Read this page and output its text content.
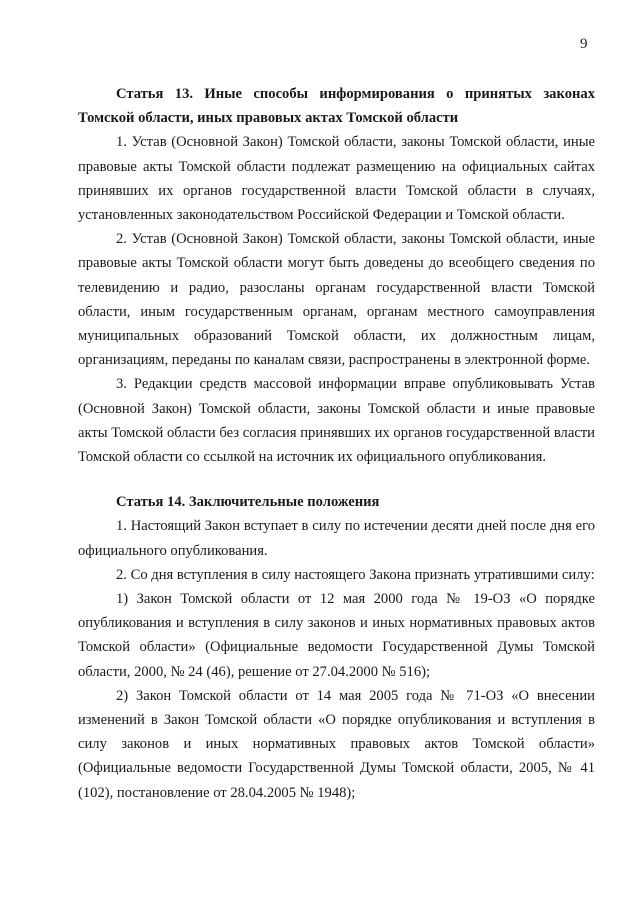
9

Статья 13. Иные способы информирования о принятых законах Томской области, иных правовых актах Томской области

1. Устав (Основной Закон) Томской области, законы Томской области, иные правовые акты Томской области подлежат размещению на официальных сайтах принявших их органов государственной власти Томской области в случаях, установленных законодательством Российской Федерации и Томской области.

2. Устав (Основной Закон) Томской области, законы Томской области, иные правовые акты Томской области могут быть доведены до всеобщего сведения по телевидению и радио, разосланы органам государственной власти Томской области, иным государственным органам, органам местного самоуправления муниципальных образований Томской области, их должностным лицам, организациям, переданы по каналам связи, распространены в электронной форме.

3. Редакции средств массовой информации вправе опубликовывать Устав (Основной Закон) Томской области, законы Томской области и иные правовые акты Томской области без согласия принявших их органов государственной власти Томской области со ссылкой на источник их официального опубликования.

Статья 14. Заключительные положения

1. Настоящий Закон вступает в силу по истечении десяти дней после дня его официального опубликования.

2. Со дня вступления в силу настоящего Закона признать утратившими силу:

1) Закон Томской области от 12 мая 2000 года № 19-ОЗ «О порядке опубликования и вступления в силу законов и иных нормативных правовых актов Томской области» (Официальные ведомости Государственной Думы Томской области, 2000, № 24 (46), решение от 27.04.2000 № 516);

2) Закон Томской области от 14 мая 2005 года № 71-ОЗ «О внесении изменений в Закон Томской области «О порядке опубликования и вступления в силу законов и иных нормативных правовых актов Томской области» (Официальные ведомости Государственной Думы Томской области, 2005, № 41 (102), постановление от 28.04.2005 № 1948);
